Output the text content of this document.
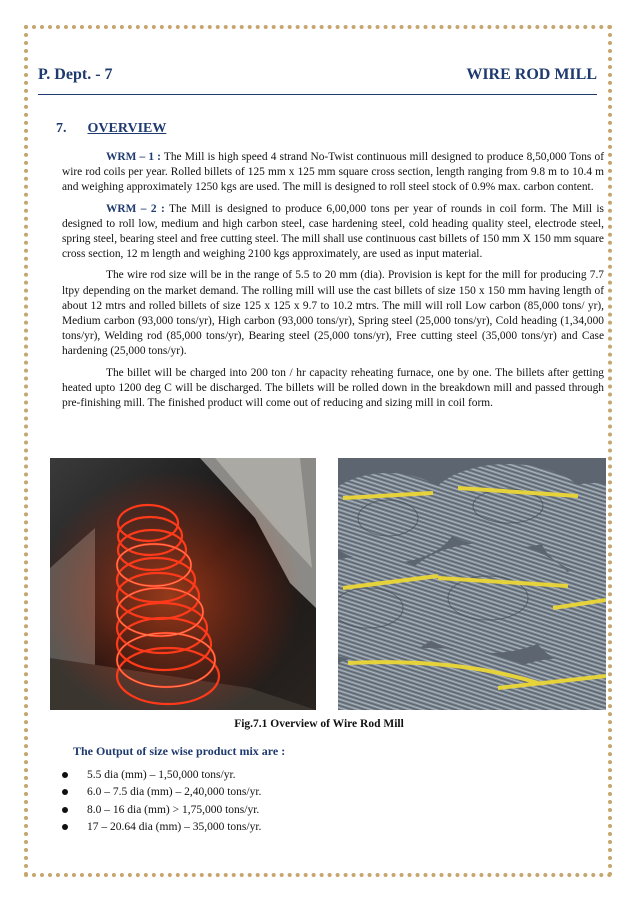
P. Dept. - 7	WIRE ROD MILL
7. OVERVIEW

WRM – 1 : The Mill is high speed 4 strand No-Twist continuous mill designed to produce 8,50,000 Tons of wire rod coils per year. Rolled billets of 125 mm x 125 mm square cross section, length ranging from 9.8 m to 10.4 m and weighing approximately 1250 kgs are used. The mill is designed to roll steel stock of 0.9% max. carbon content.

WRM – 2 : The Mill is designed to produce 6,00,000 tons per year of rounds in coil form. The Mill is designed to roll low, medium and high carbon steel, case hardening steel, cold heading quality steel, electrode steel, spring steel, bearing steel and free cutting steel. The mill shall use continuous cast billets of 150 mm X 150 mm square cross section, 12 m length and weighing 2100 kgs approximately, are used as input material.

The wire rod size will be in the range of 5.5 to 20 mm (dia). Provision is kept for the mill for producing 7.7 ltpy depending on the market demand. The rolling mill will use the cast billets of size 150 x 150 mm having length of about 12 mtrs and rolled billets of size 125 x 125 x 9.7 to 10.2 mtrs. The mill will roll Low carbon (85,000 tons/ yr), Medium carbon (93,000 tons/yr), High carbon (93,000 tons/yr), Spring steel (25,000 tons/yr), Cold heading (1,34,000 tons/yr), Welding rod (85,000 tons/yr), Bearing steel (25,000 tons/yr), Free cutting steel (35,000 tons/yr) and Case hardening (25,000 tons/yr).

The billet will be charged into 200 ton / hr capacity reheating furnace, one by one. The billets after getting heated upto 1200 deg C will be discharged. The billets will be rolled down in the breakdown mill and passed through pre-finishing mill. The finished product will come out of reducing and sizing mill in coil form.

Fig.7.1 Overview of Wire Rod Mill
The Output of size wise product mix are :
5.5 dia (mm) – 1,50,000 tons/yr.
6.0 – 7.5 dia (mm) – 2,40,000 tons/yr.
8.0 – 16 dia (mm) > 1,75,000 tons/yr.
17 – 20.64 dia (mm) – 35,000 tons/yr.
